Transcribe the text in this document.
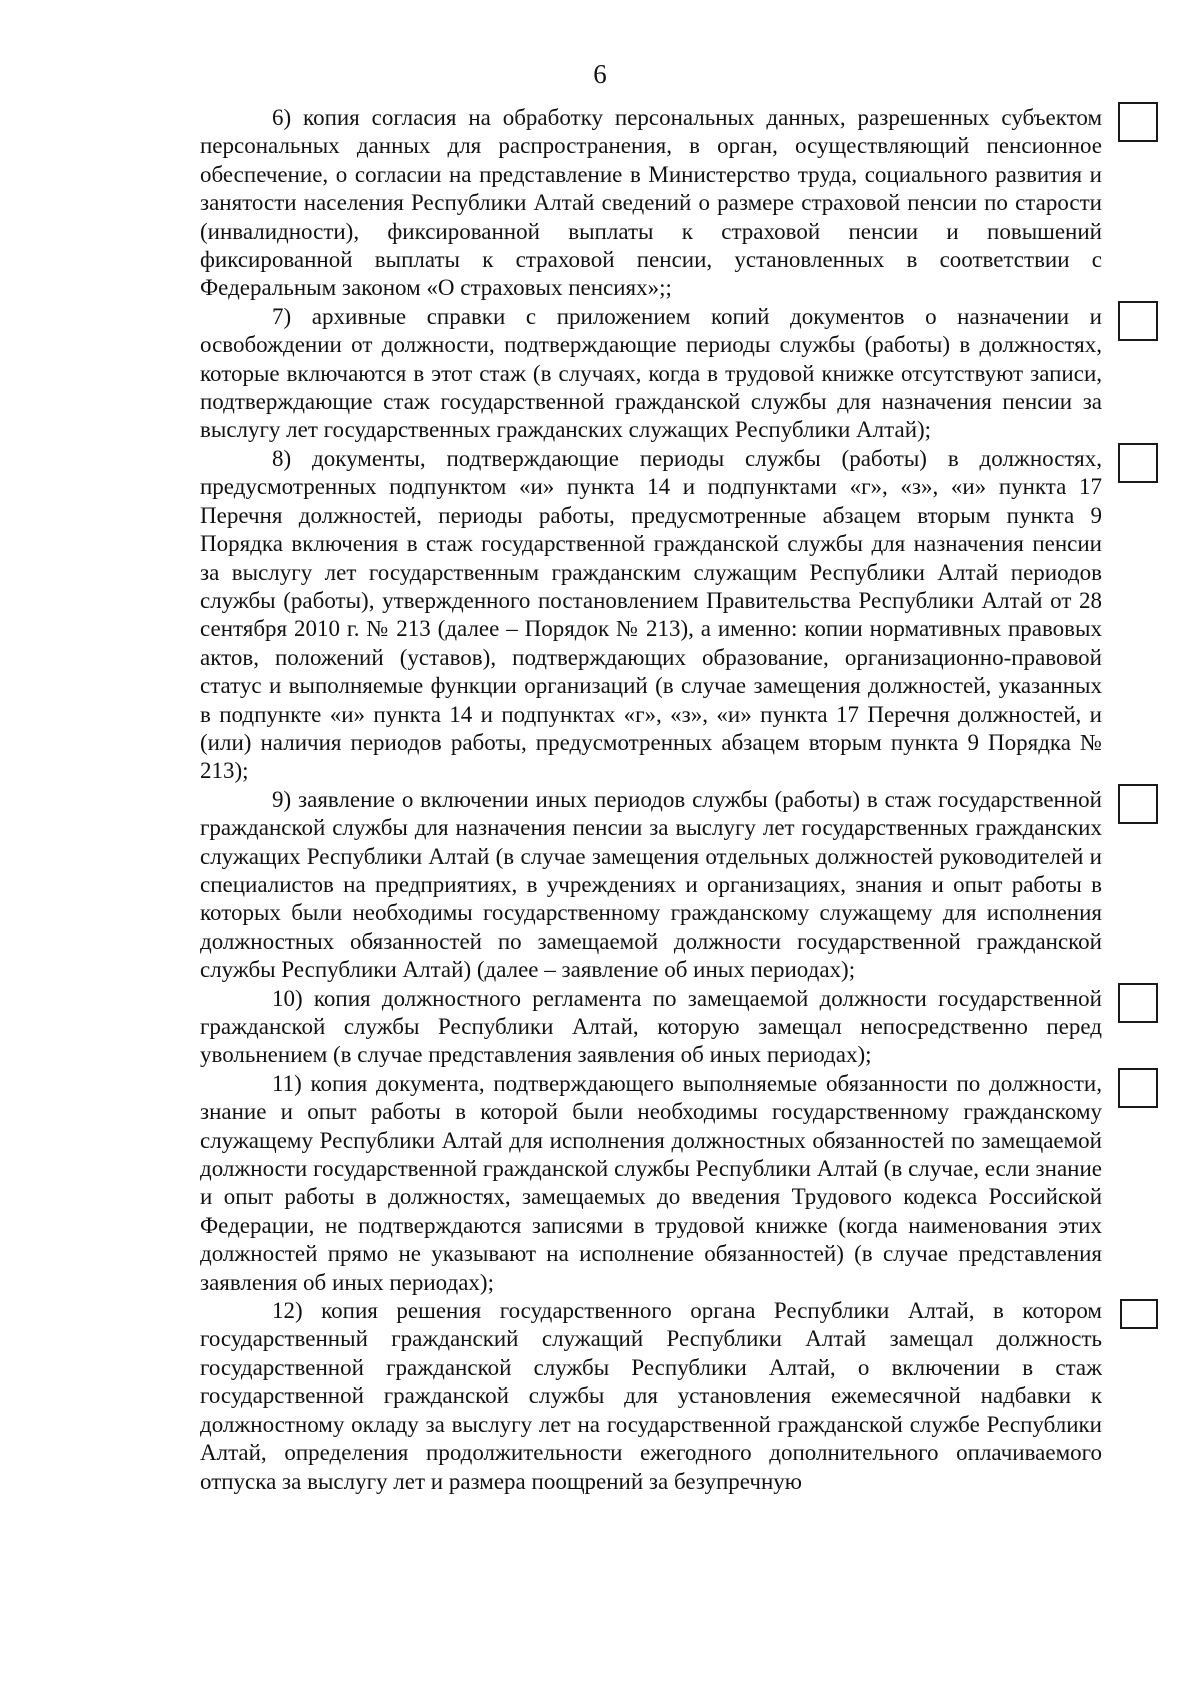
6

6) копия согласия на обработку персональных данных, разрешенных субъектом персональных данных для распространения, в орган, осуществляющий пенсионное обеспечение, о согласии на представление в Министерство труда, социального развития и занятости населения Республики Алтай сведений о размере страховой пенсии по старости (инвалидности), фиксированной выплаты к страховой пенсии и повышений фиксированной выплаты к страховой пенсии, установленных в соответствии с Федеральным законом «О страховых пенсиях»;;

7) архивные справки с приложением копий документов о назначении и освобождении от должности, подтверждающие периоды службы (работы) в должностях, которые включаются в этот стаж (в случаях, когда в трудовой книжке отсутствуют записи, подтверждающие стаж государственной гражданской службы для назначения пенсии за выслугу лет государственных гражданских служащих Республики Алтай);

8) документы, подтверждающие периоды службы (работы) в должностях, предусмотренных подпунктом «и» пункта 14 и подпунктами «г», «з», «и» пункта 17 Перечня должностей, периоды работы, предусмотренные абзацем вторым пункта 9 Порядка включения в стаж государственной гражданской службы для назначения пенсии за выслугу лет государственным гражданским служащим Республики Алтай периодов службы (работы), утвержденного постановлением Правительства Республики Алтай от 28 сентября 2010 г. № 213 (далее – Порядок № 213), а именно: копии нормативных правовых актов, положений (уставов), подтверждающих образование, организационно-правовой статус и выполняемые функции организаций (в случае замещения должностей, указанных в подпункте «и» пункта 14 и подпунктах «г», «з», «и» пункта 17 Перечня должностей, и (или) наличия периодов работы, предусмотренных абзацем вторым пункта 9 Порядка № 213);

9) заявление о включении иных периодов службы (работы) в стаж государственной гражданской службы для назначения пенсии за выслугу лет государственных гражданских служащих Республики Алтай (в случае замещения отдельных должностей руководителей и специалистов на предприятиях, в учреждениях и организациях, знания и опыт работы в которых были необходимы государственному гражданскому служащему для исполнения должностных обязанностей по замещаемой должности государственной гражданской службы Республики Алтай) (далее – заявление об иных периодах);

10) копия должностного регламента по замещаемой должности государственной гражданской службы Республики Алтай, которую замещал непосредственно перед увольнением (в случае представления заявления об иных периодах);

11) копия документа, подтверждающего выполняемые обязанности по должности, знание и опыт работы в которой были необходимы государственному гражданскому служащему Республики Алтай для исполнения должностных обязанностей по замещаемой должности государственной гражданской службы Республики Алтай (в случае, если знание и опыт работы в должностях, замещаемых до введения Трудового кодекса Российской Федерации, не подтверждаются записями в трудовой книжке (когда наименования этих должностей прямо не указывают на исполнение обязанностей) (в случае представления заявления об иных периодах);

12) копия решения государственного органа Республики Алтай, в котором государственный гражданский служащий Республики Алтай замещал должность государственной гражданской службы Республики Алтай, о включении в стаж государственной гражданской службы для установления ежемесячной надбавки к должностному окладу за выслугу лет на государственной гражданской службе Республики Алтай, определения продолжительности ежегодного дополнительного оплачиваемого отпуска за выслугу лет и размера поощрений за безупречную
